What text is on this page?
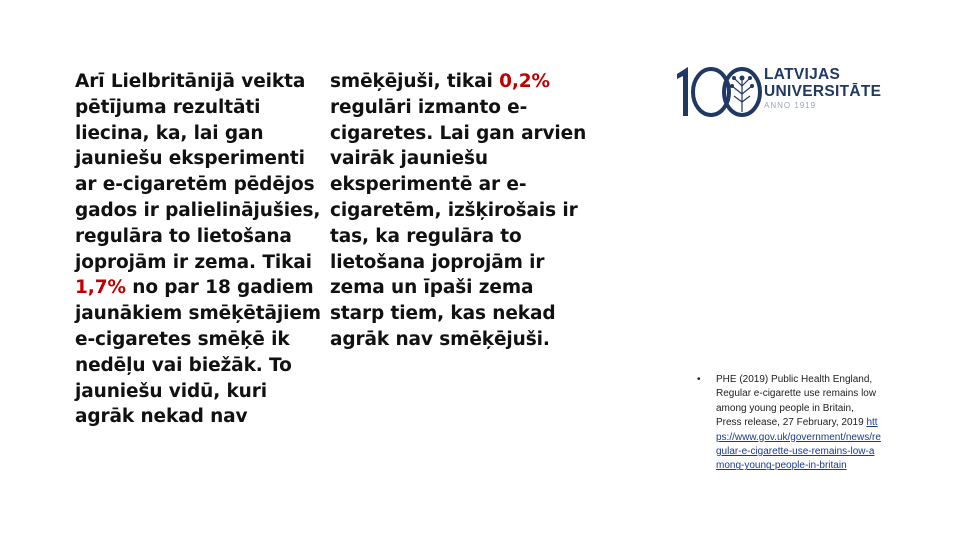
Arī Lielbritānijā veikta pētījuma rezultāti liecina, ka, lai gan jauniešu eksperimenti ar e-cigaretēm pēdējos gados ir palielinājušies, regulāra to lietošana joprojām ir zema. Tikai 1,7% no par 18 gadiem jaunākiem smēķētājiem e-cigaretes smēķē ik nedēļu vai biežāk. To jauniešu vidū, kuri agrāk nekad nav
smēķējuši, tikai 0,2% regulāri izmanto e-cigaretes. Lai gan arvien vairāk jauniešu eksperimentē ar e-cigaretēm, izšķirošais ir tas, ka regulāra to lietošana joprojām ir zema un īpaši zema starp tiem, kas nekad agrāk nav smēķējuši.
LATVIJAS
UNIVERSITĀTE
ANNO 1919
• PHE (2019) Public Health England, Regular e-cigarette use remains low among young people in Britain, Press release, 27 February, 2019 https://www.gov.uk/government/news/regular-e-cigarette-use-remains-low-among-young-people-in-britain
